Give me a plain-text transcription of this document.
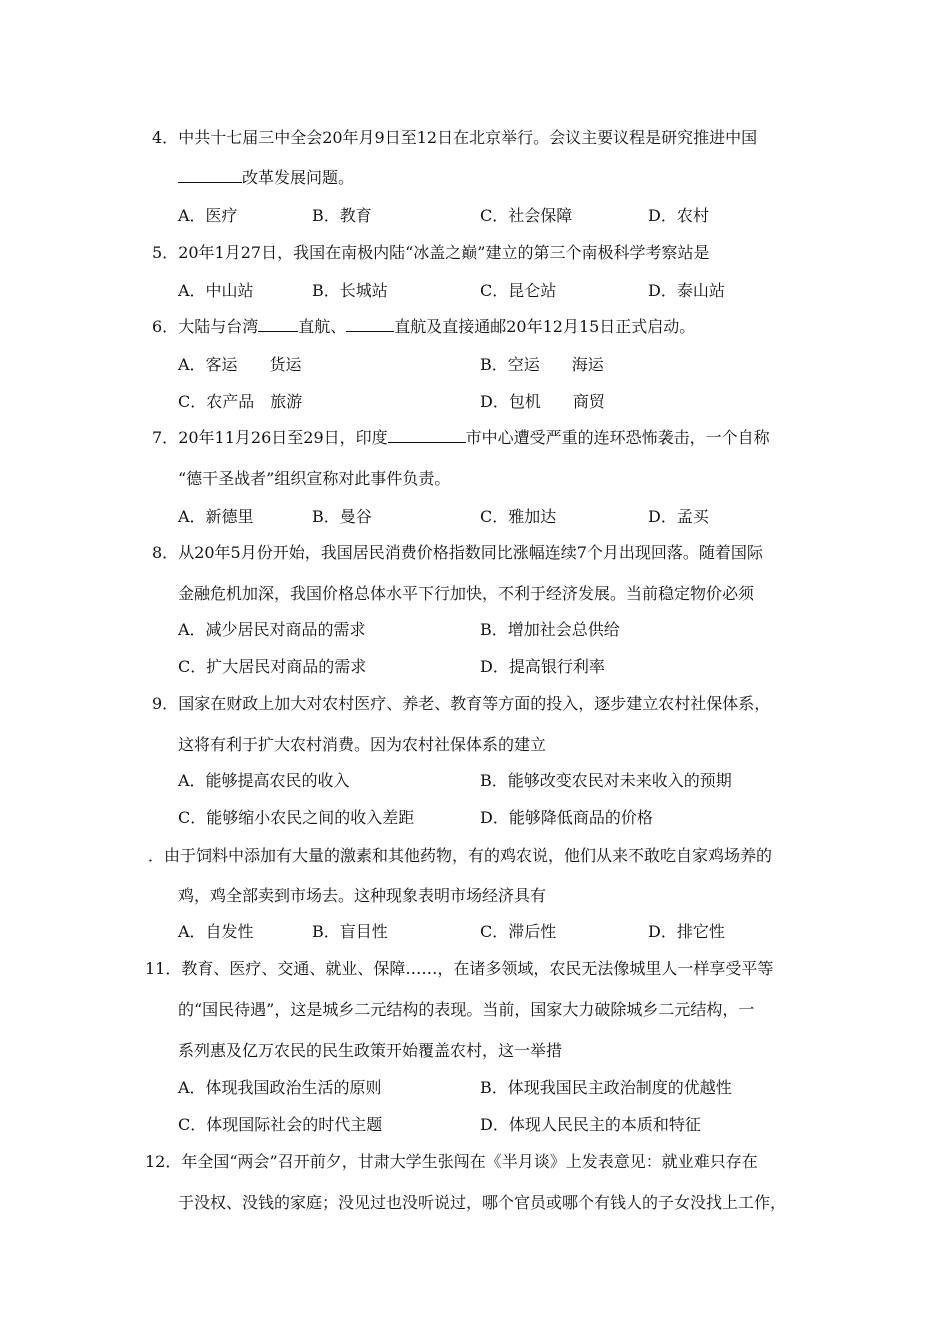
4．中共十七届三中全会20年月9日至12日在北京举行。会议主要议程是研究推进中国
改革发展问题。
A．医疗	B．教育	C．社会保障	D．农村
5．20年1月27日，我国在南极内陆“冰盖之巅”建立的第三个南极科学考察站是
A．中山站	B．长城站	C．昆仑站	D．泰山站
6．大陆与台湾	直航、	直航及直接通邮20年12月15日正式启动。
A．客运　　货运	B．空运　　海运
C．农产品　旅游	D．包机　　商贸
7．20年11月26日至29日，印度	市中心遭受严重的连环恐怖袭击，一个自称
“德干圣战者”组织宣称对此事件负责。
A．新德里	B．曼谷	C．雅加达	D．孟买
8．从20年5月份开始，我国居民消费价格指数同比涨幅连续7个月出现回落。随着国际
金融危机加深，我国价格总体水平下行加快，不利于经济发展。当前稳定物价必须
A．减少居民对商品的需求	B．增加社会总供给
C．扩大居民对商品的需求	D．提高银行利率
9．国家在财政上加大对农村医疗、养老、教育等方面的投入，逐步建立农村社保体系，
这将有利于扩大农村消费。因为农村社保体系的建立
A．能够提高农民的收入	B．能够改变农民对未来收入的预期
C．能够缩小农民之间的收入差距	D．能够降低商品的价格
．由于饲料中添加有大量的激素和其他药物，有的鸡农说，他们从来不敢吃自家鸡场养的
鸡，鸡全部卖到市场去。这种现象表明市场经济具有
A．自发性	B．盲目性	C．滞后性	D．排它性
11．教育、医疗、交通、就业、保障……，在诸多领域，农民无法像城里人一样享受平等
的“国民待遇”，这是城乡二元结构的表现。当前，国家大力破除城乡二元结构，一
系列惠及亿万农民的民生政策开始覆盖农村，这一举措
A．体现我国政治生活的原则	B．体现我国民主政治制度的优越性
C．体现国际社会的时代主题	D．体现人民民主的本质和特征
12．年全国“两会”召开前夕，甘肃大学生张闯在《半月谈》上发表意见：就业难只存在
于没权、没钱的家庭；没见过也没听说过，哪个官员或哪个有钱人的子女没找上工作，
